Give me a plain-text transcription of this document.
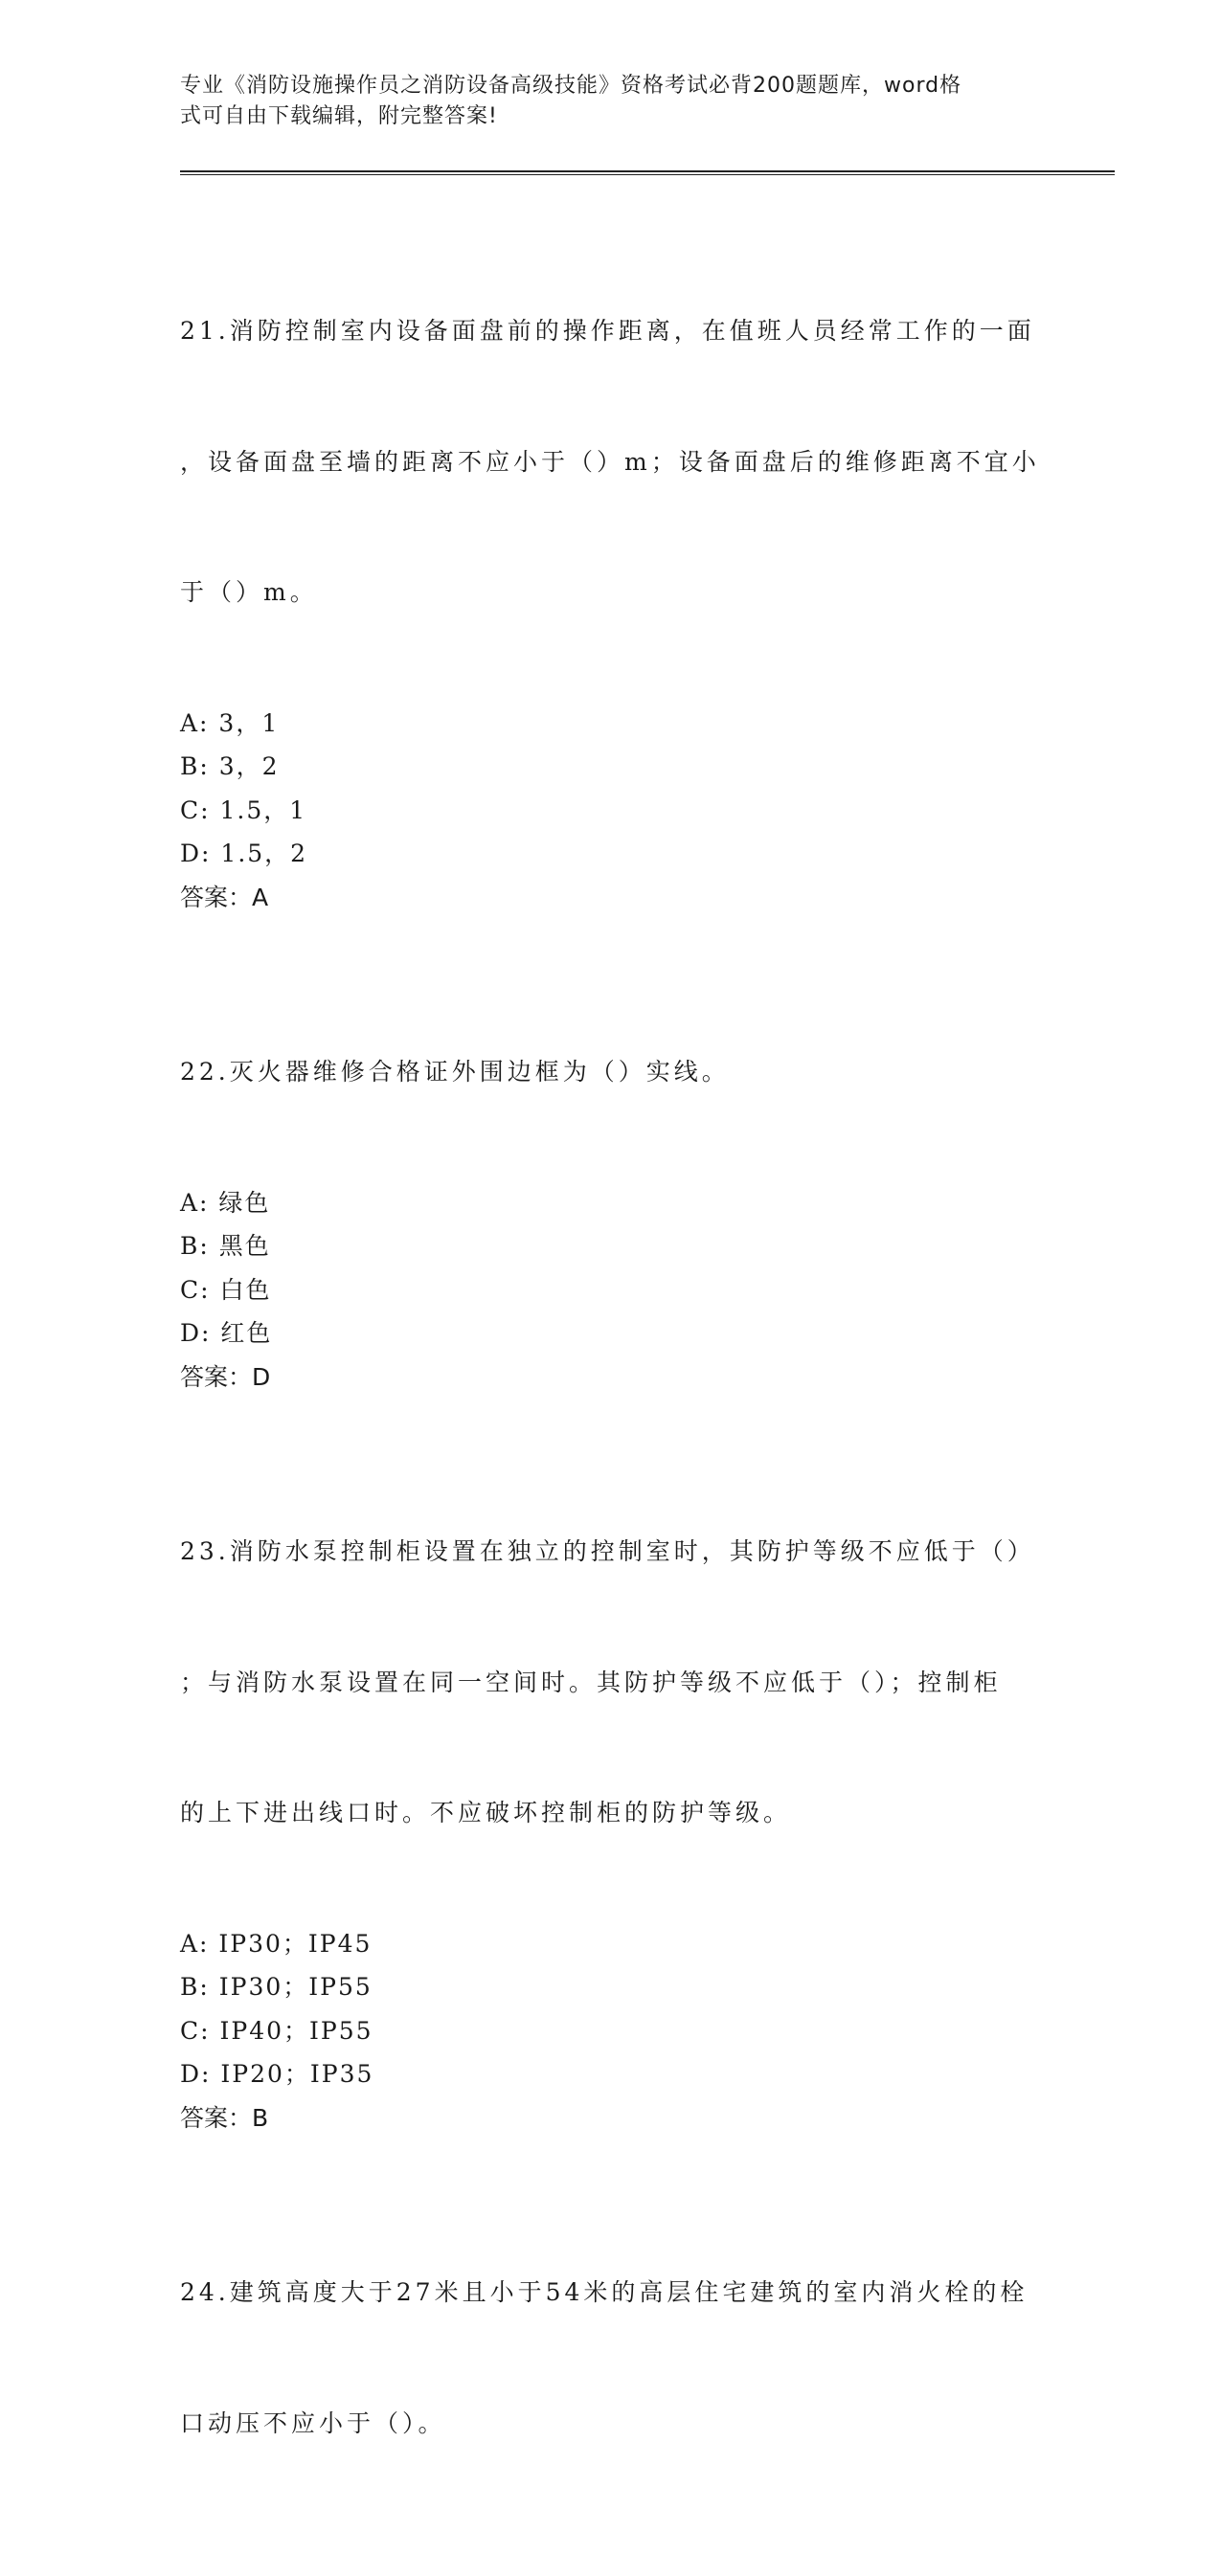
专业《消防设施操作员之消防设备高级技能》资格考试必背200题题库，word格
式可自由下载编辑，附完整答案!

21.消防控制室内设备面盘前的操作距离，在值班人员经常工作的一面

，设备面盘至墙的距离不应小于（）m；设备面盘后的维修距离不宜小

于（）m。

A: 3，1
B: 3，2
C: 1.5，1
D: 1.5，2
答案：A

22.灭火器维修合格证外围边框为（）实线。

A: 绿色
B: 黑色
C: 白色
D: 红色
答案：D

23.消防水泵控制柜设置在独立的控制室时，其防护等级不应低于（）

；与消防水泵设置在同一空间时。其防护等级不应低于（）；控制柜

的上下进出线口时。不应破坏控制柜的防护等级。

A: IP30；IP45
B: IP30；IP55
C: IP40；IP55
D: IP20；IP35
答案：B

24.建筑高度大于27米且小于54米的高层住宅建筑的室内消火栓的栓

口动压不应小于（）。
